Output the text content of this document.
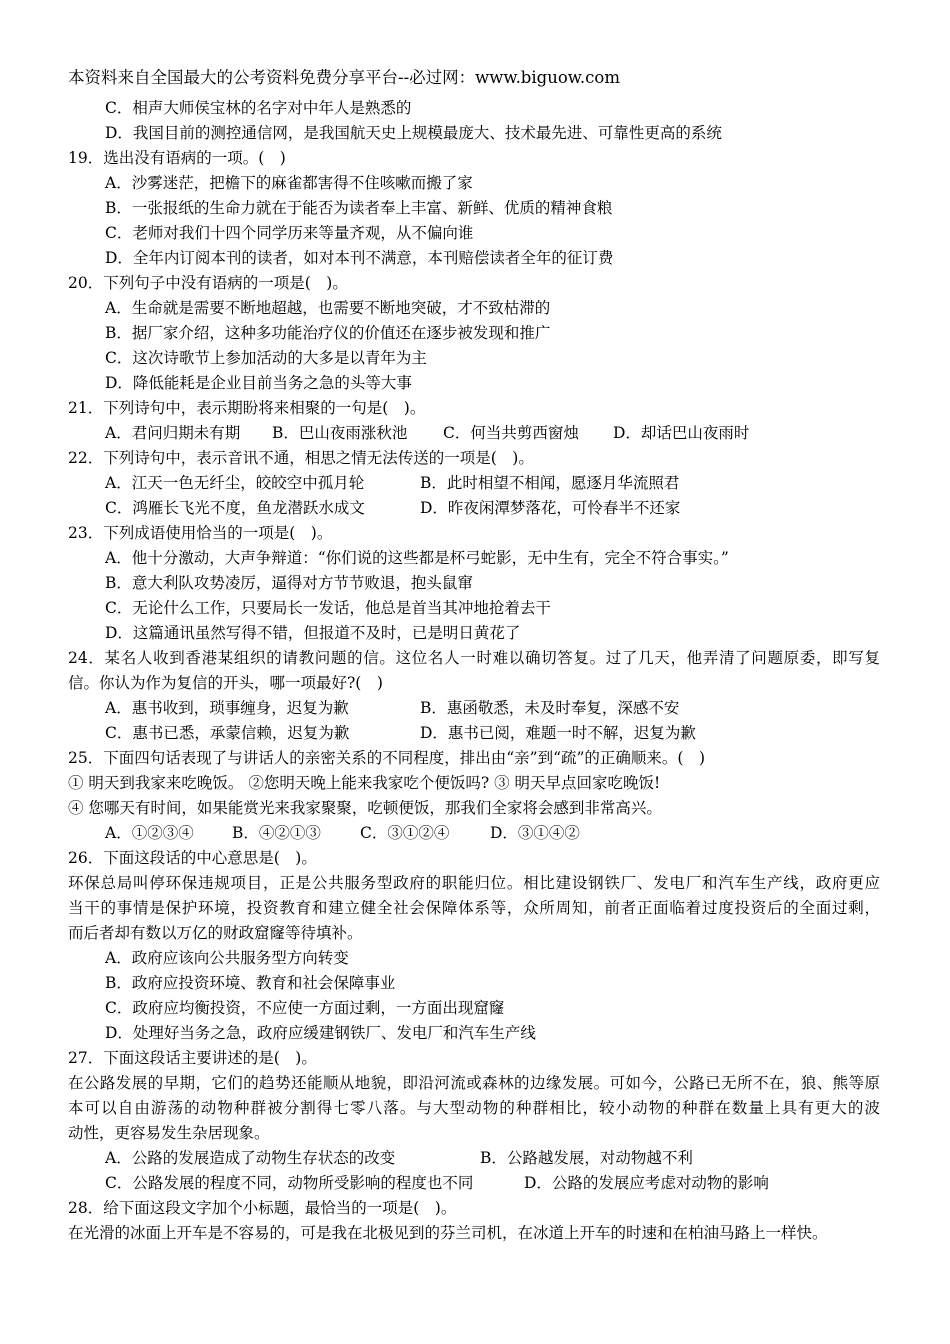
本资料来自全国最大的公考资料免费分享平台--必过网：www.biguow.com
C．相声大师侯宝林的名字对中年人是熟悉的
D．我国目前的测控通信网，是我国航天史上规模最庞大、技术最先进、可靠性更高的系统
19．选出没有语病的一项。(　)
A．沙雾迷茫，把檐下的麻雀都害得不住咳嗽而搬了家
B．一张报纸的生命力就在于能否为读者奉上丰富、新鲜、优质的精神食粮
C．老师对我们十四个同学历来等量齐观，从不偏向谁
D．全年内订阅本刊的读者，如对本刊不满意，本刊赔偿读者全年的征订费
20．下列句子中没有语病的一项是(　)。
A．生命就是需要不断地超越，也需要不断地突破，才不致枯滞的
B．据厂家介绍，这种多功能治疗仪的价值还在逐步被发现和推广
C．这次诗歌节上参加活动的大多是以青年为主
D．降低能耗是企业目前当务之急的头等大事
21．下列诗句中，表示期盼将来相聚的一句是(　)。
A．君问归期未有期 B．巴山夜雨涨秋池 C．何当共剪西窗烛 D．却话巴山夜雨时
22．下列诗句中，表示音讯不通，相思之情无法传送的一项是(　)。
A．江天一色无纤尘，皎皎空中孤月轮	B．此时相望不相闻，愿逐月华流照君
C．鸿雁长飞光不度，鱼龙潜跃水成文	D．昨夜闲潭梦落花，可怜春半不还家
23．下列成语使用恰当的一项是(　)。
A．他十分激动，大声争辩道：“你们说的这些都是杯弓蛇影，无中生有，完全不符合事实。”
B．意大利队攻势凌厉，逼得对方节节败退，抱头鼠窜
C．无论什么工作，只要局长一发话，他总是首当其冲地抢着去干
D．这篇通讯虽然写得不错，但报道不及时，已是明日黄花了
24．某名人收到香港某组织的请教问题的信。这位名人一时难以确切答复。过了几天，他弄清了问题原委，即写复
信。你认为作为复信的开头，哪一项最好?(　)
A．惠书收到，琐事缠身，迟复为歉	B．惠函敬悉，未及时奉复，深感不安
C．惠书已悉，承蒙信赖，迟复为歉	D．惠书已阅，难题一时不解，迟复为歉
25．下面四句话表现了与讲话人的亲密关系的不同程度，排出由“亲”到“疏”的正确顺来。(　)
① 明天到我家来吃晚饭。 ②您明天晚上能来我家吃个便饭吗? ③ 明天早点回家吃晚饭!
④ 您哪天有时间，如果能赏光来我家聚聚，吃顿便饭，那我们全家将会感到非常高兴。
A．①②③④ B．④②①③	C．③①②④	D．③①④②
26．下面这段话的中心意思是(　)。
环保总局叫停环保违规项目，正是公共服务型政府的职能归位。相比建设钢铁厂、发电厂和汽车生产线，政府更应
当干的事情是保护环境，投资教育和建立健全社会保障体系等，众所周知，前者正面临着过度投资后的全面过剩，
而后者却有数以万亿的财政窟窿等待填补。
A．政府应该向公共服务型方向转变
B．政府应投资环境、教育和社会保障事业
C．政府应均衡投资，不应使一方面过剩，一方面出现窟窿
D．处理好当务之急，政府应缓建钢铁厂、发电厂和汽车生产线
27．下面这段话主要讲述的是(　)。
在公路发展的早期，它们的趋势还能顺从地貌，即沿河流或森林的边缘发展。可如今，公路已无所不在，狼、熊等原
本可以自由游荡的动物种群被分割得七零八落。与大型动物的种群相比，较小动物的种群在数量上具有更大的波
动性，更容易发生杂居现象。
A．公路的发展造成了动物生存状态的改变	B．公路越发展，对动物越不利
C．公路发展的程度不同，动物所受影响的程度也不同	D．公路的发展应考虑对动物的影响
28．给下面这段文字加个小标题，最恰当的一项是(　)。
在光滑的冰面上开车是不容易的，可是我在北极见到的芬兰司机，在冰道上开车的时速和在柏油马路上一样快。
